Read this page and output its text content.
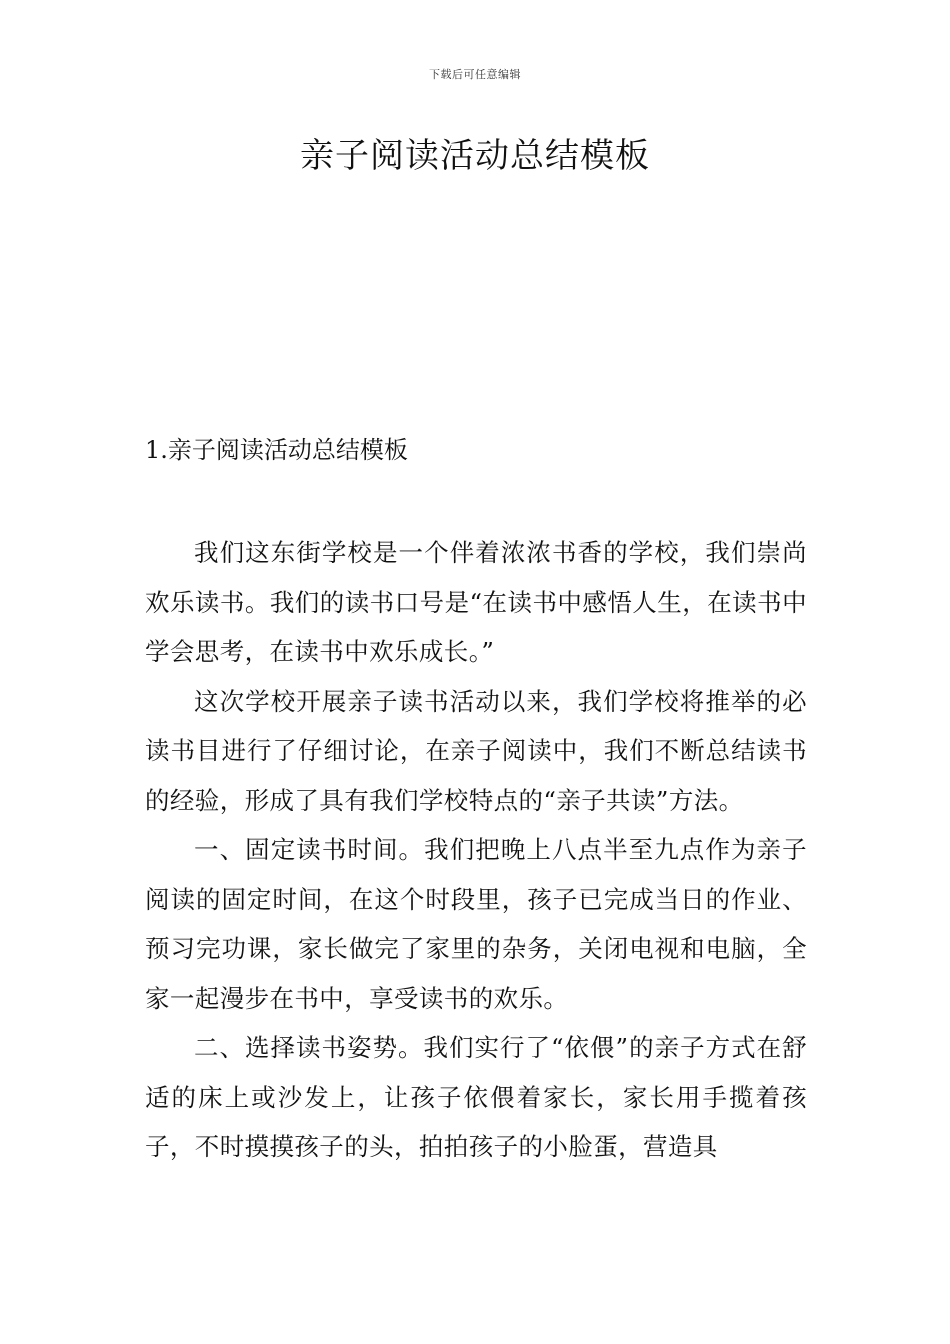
下载后可任意编辑
亲子阅读活动总结模板
1.亲子阅读活动总结模板

我们这东街学校是一个伴着浓浓书香的学校，我们崇尚欢乐读书。我们的读书口号是“在读书中感悟人生，在读书中学会思考，在读书中欢乐成长。”

这次学校开展亲子读书活动以来，我们学校将推举的必读书目进行了仔细讨论，在亲子阅读中，我们不断总结读书的经验，形成了具有我们学校特点的“亲子共读”方法。

一、固定读书时间。我们把晚上八点半至九点作为亲子阅读的固定时间，在这个时段里，孩子已完成当日的作业、预习完功课，家长做完了家里的杂务，关闭电视和电脑，全家一起漫步在书中，享受读书的欢乐。

二、选择读书姿势。我们实行了“依偎”的亲子方式在舒适的床上或沙发上，让孩子依偎着家长，家长用手揽着孩子，不时摸摸孩子的头，拍拍孩子的小脸蛋，营造具
